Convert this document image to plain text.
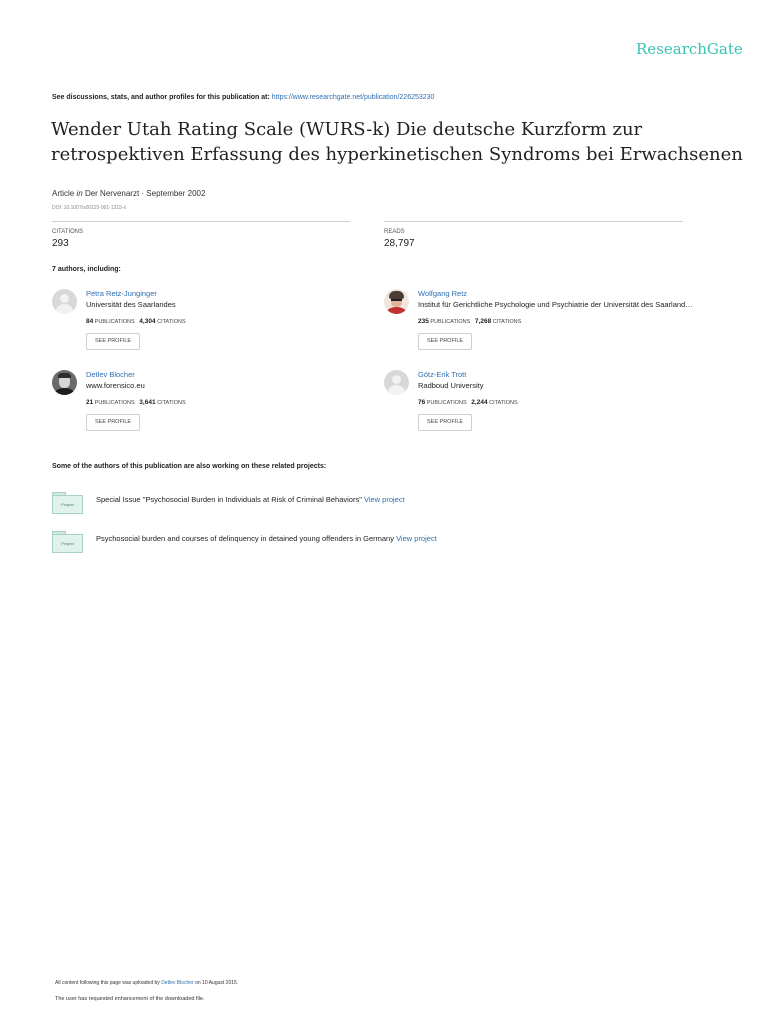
ResearchGate
See discussions, stats, and author profiles for this publication at: https://www.researchgate.net/publication/226253230
Wender Utah Rating Scale (WURS-k) Die deutsche Kurzform zur
retrospektiven Erfassung des hyperkinetischen Syndroms bei Erwachsenen
Article in Der Nervenarzt · September 2002
DOI: 10.1007/s00115-001-1215-x
CITATIONS
293
READS
28,797
7 authors, including:
Petra Retz-Junginger
Universität des Saarlandes
84 PUBLICATIONS 4,304 CITATIONS
SEE PROFILE
Wolfgang Retz
Institut für Gerichtliche Psychologie und Psychiatrie der Universität des Saarland…
235 PUBLICATIONS 7,268 CITATIONS
SEE PROFILE
Detlev Blocher
www.forensico.eu
21 PUBLICATIONS 3,641 CITATIONS
SEE PROFILE
Götz-Erik Trott
Radboud University
76 PUBLICATIONS 2,244 CITATIONS
SEE PROFILE
Some of the authors of this publication are also working on these related projects:
Project
Special Issue "Psychosocial Burden in Individuals at Risk of Criminal Behaviors" View project
Project
Psychosocial burden and courses of delinquency in detained young offenders in Germany View project
All content following this page was uploaded by Detlev Blocher on 10 August 2015.
The user has requested enhancement of the downloaded file.
